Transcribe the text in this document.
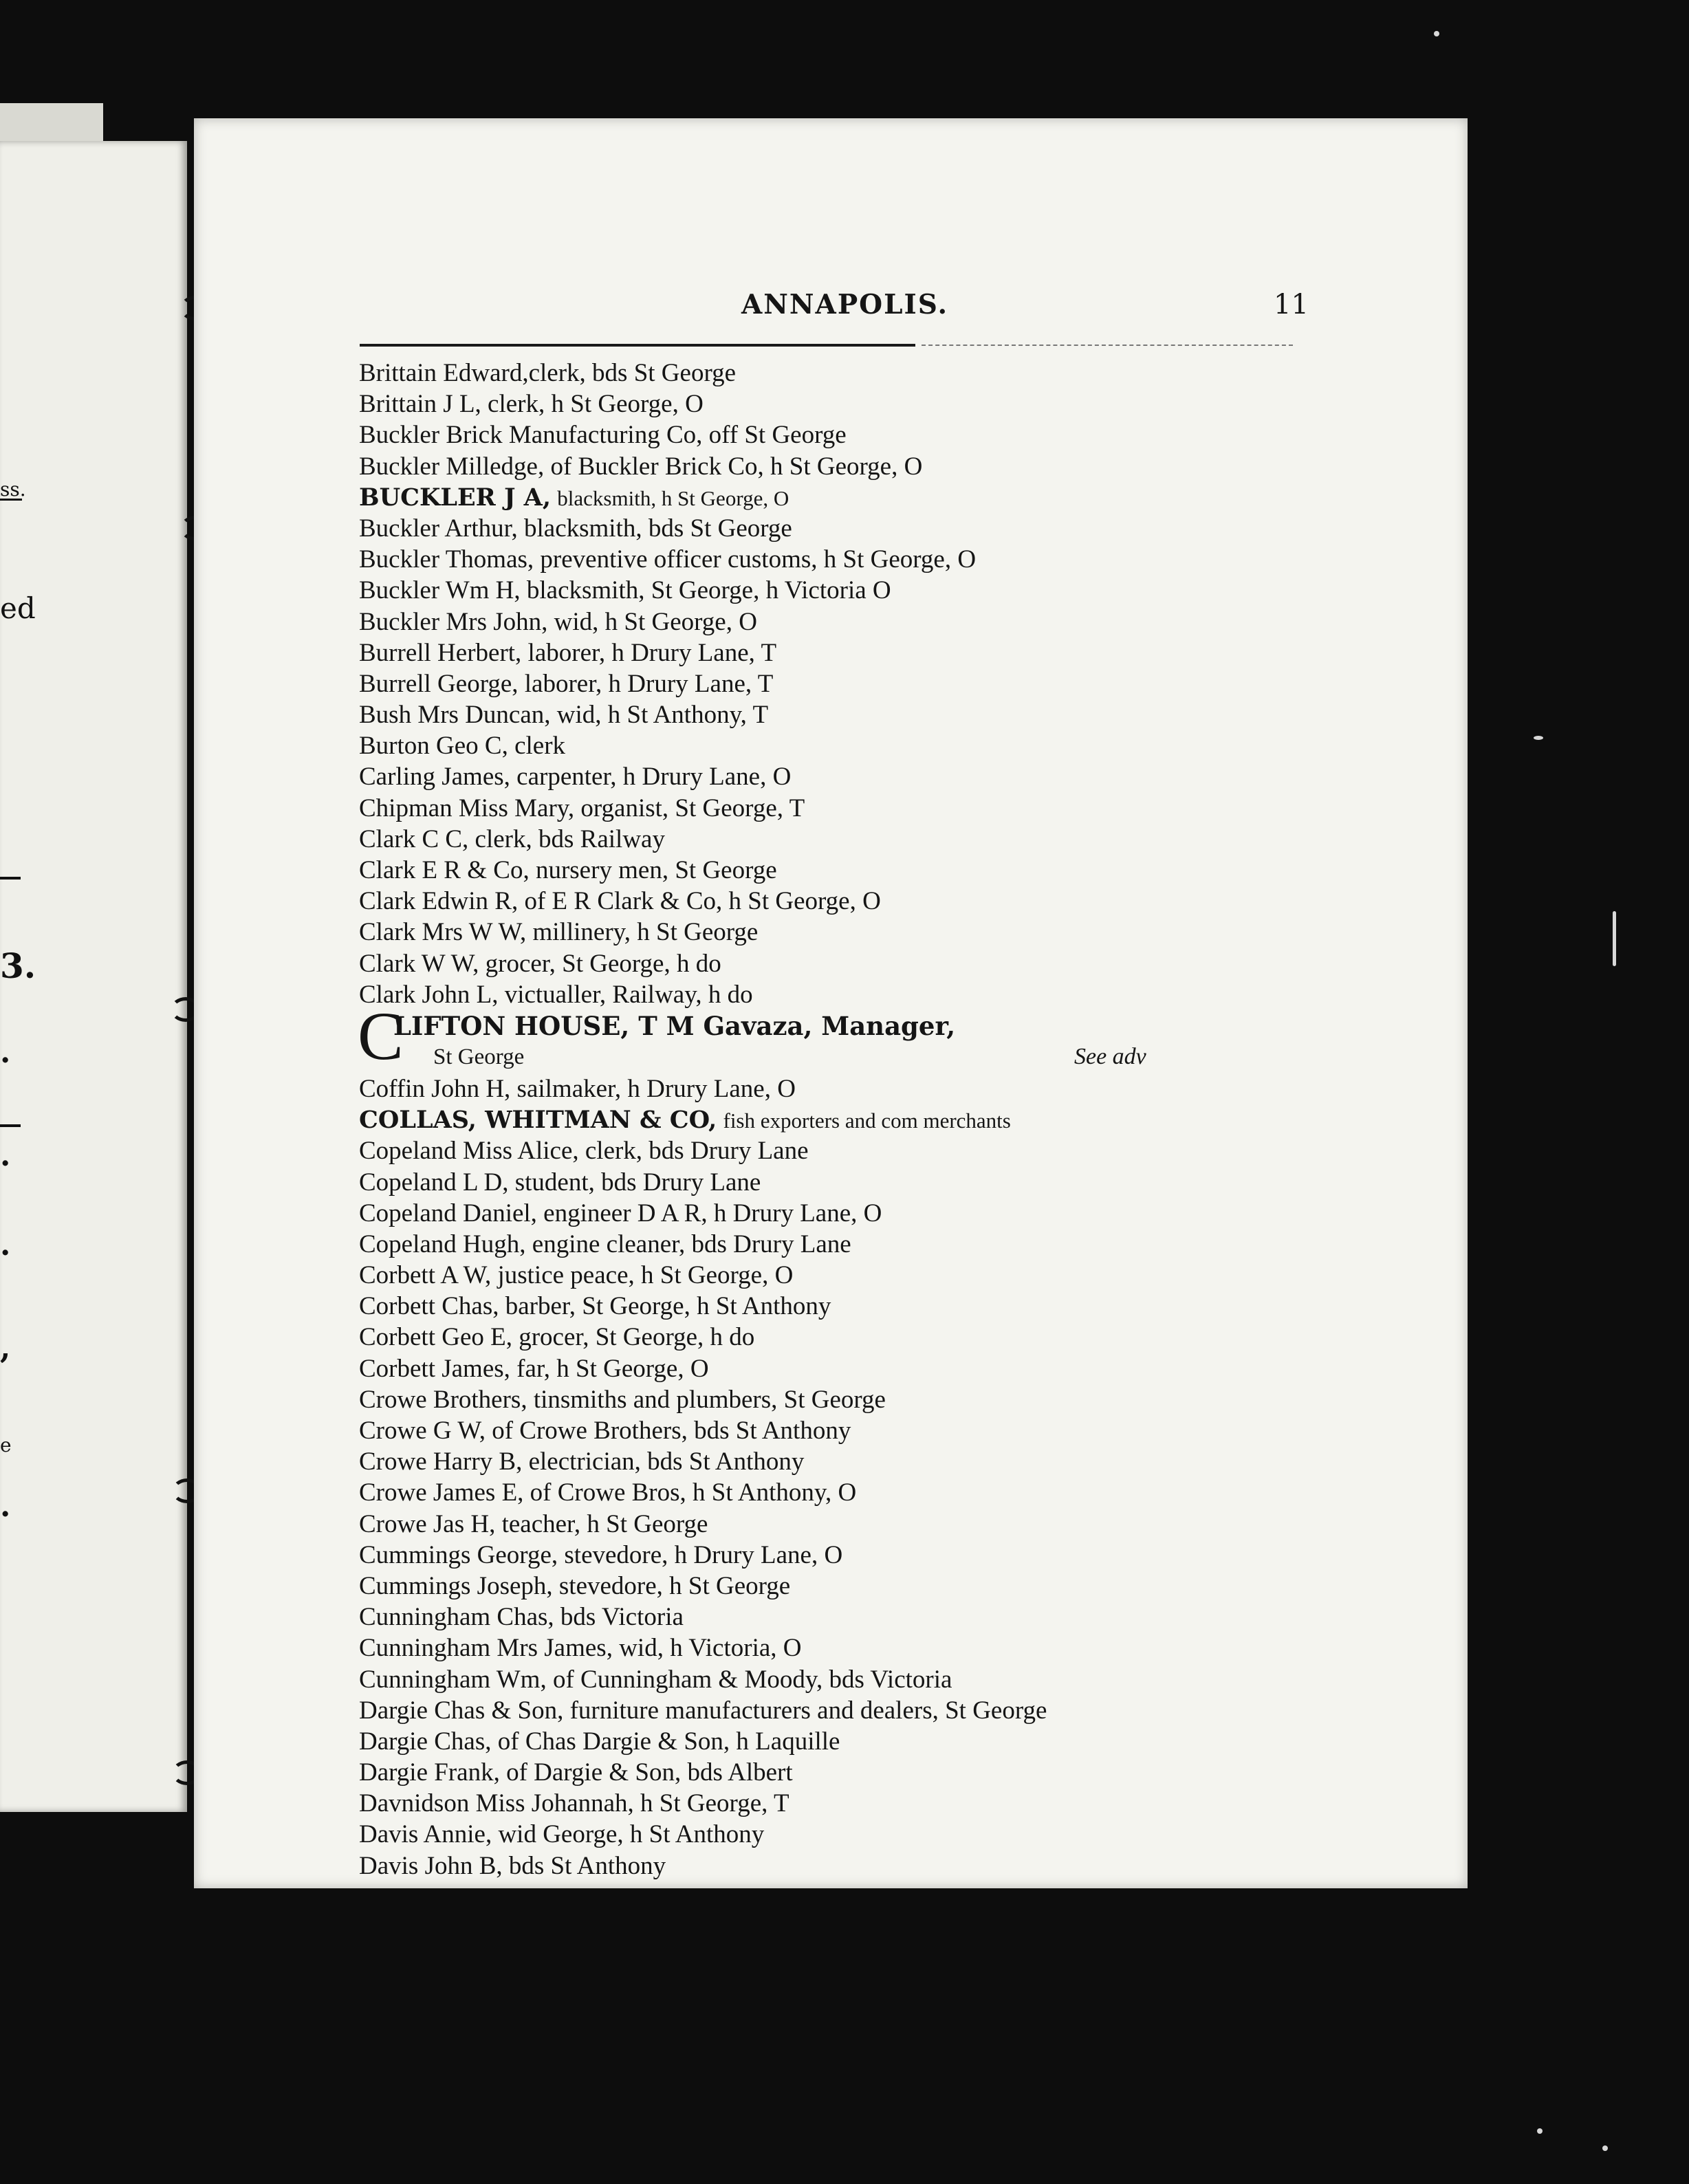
ss.
ed
3.
.
.
.
,
e
.
ANNAPOLIS.	11
Brittain Edward,clerk, bds St George
Brittain J L, clerk, h St George, O
Buckler Brick Manufacturing Co, off St George
Buckler Milledge, of Buckler Brick Co, h St George, O
BUCKLER J A, blacksmith, h St George, O
Buckler Arthur, blacksmith, bds St George
Buckler Thomas, preventive officer customs, h St George, O
Buckler Wm H, blacksmith, St George, h Victoria O
Buckler Mrs John, wid, h St George, O
Burrell Herbert, laborer, h Drury Lane, T
Burrell George, laborer, h Drury Lane, T
Bush Mrs Duncan, wid, h St Anthony, T
Burton Geo C, clerk
Carling James, carpenter, h Drury Lane, O
Chipman Miss Mary, organist, St George, T
Clark C C, clerk, bds Railway
Clark E R & Co, nursery men, St George
Clark Edwin R, of E R Clark & Co, h St George, O
Clark Mrs W W, millinery, h St George
Clark W W, grocer, St George, h do
Clark John L, victualler, Railway, h do
C
LIFTON HOUSE, T M Gavaza, Manager,
St George	See adv
Coffin John H, sailmaker, h Drury Lane, O
COLLAS, WHITMAN & CO, fish exporters and com merchants
Copeland Miss Alice, clerk, bds Drury Lane
Copeland L D, student, bds Drury Lane
Copeland Daniel, engineer D A R, h Drury Lane, O
Copeland Hugh, engine cleaner, bds Drury Lane
Corbett A W, justice peace, h St George, O
Corbett Chas, barber, St George, h St Anthony
Corbett Geo E, grocer, St George, h do
Corbett James, far, h St George, O
Crowe Brothers, tinsmiths and plumbers, St George
Crowe G W, of Crowe Brothers, bds St Anthony
Crowe Harry B, electrician, bds St Anthony
Crowe James E, of Crowe Bros, h St Anthony, O
Crowe Jas H, teacher, h St George
Cummings George, stevedore, h Drury Lane, O
Cummings Joseph, stevedore, h St George
Cunningham Chas, bds Victoria
Cunningham Mrs James, wid, h Victoria, O
Cunningham Wm, of Cunningham & Moody, bds Victoria
Dargie Chas & Son, furniture manufacturers and dealers, St George
Dargie Chas, of Chas Dargie & Son, h Laquille
Dargie Frank, of Dargie & Son, bds Albert
Davnidson Miss Johannah, h St George, T
Davis Annie, wid George, h St Anthony
Davis John B, bds St Anthony
